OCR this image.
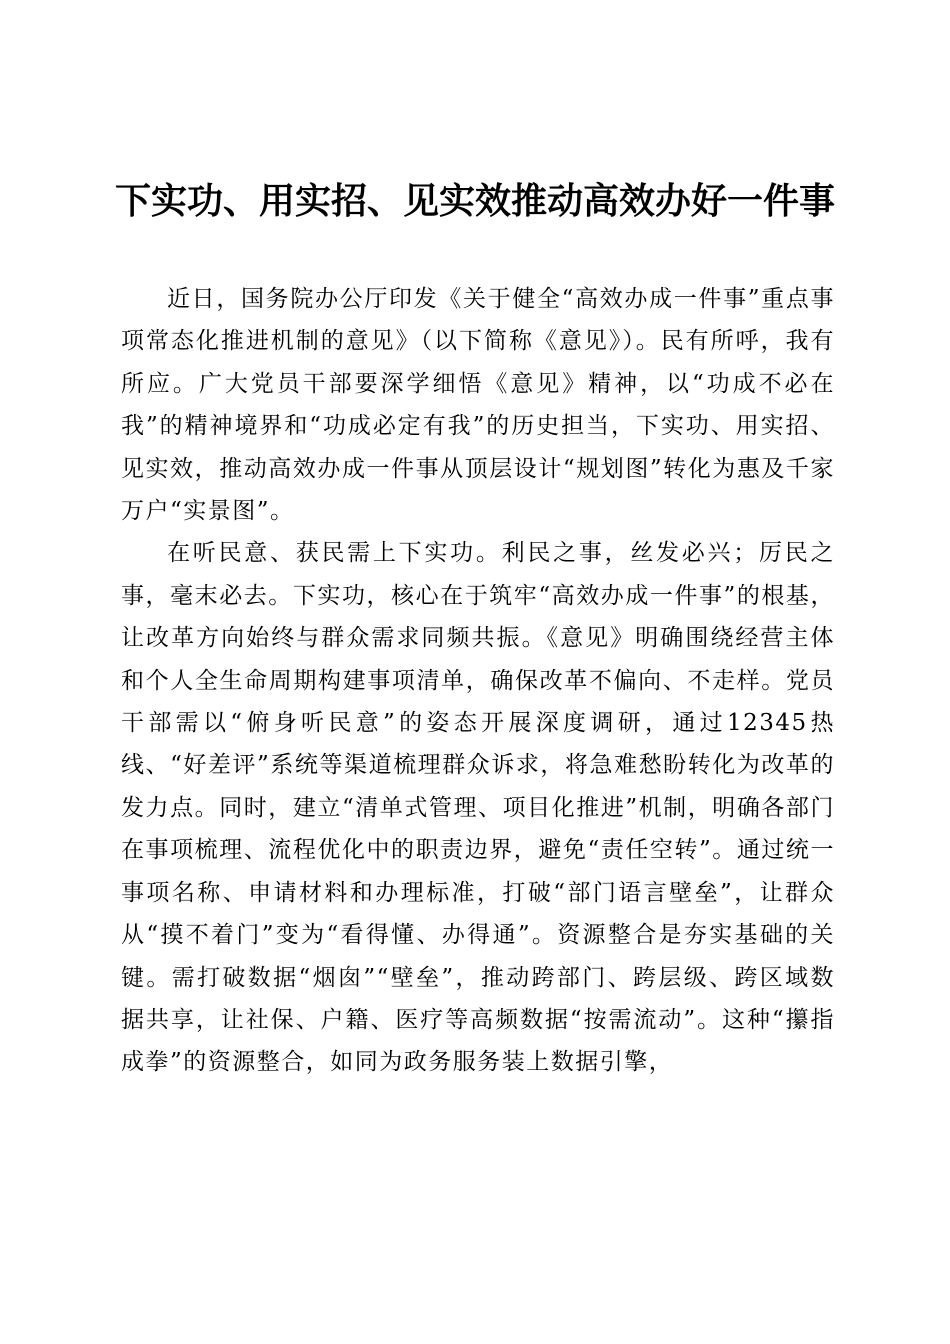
下实功、用实招、见实效推动高效办好一件事

近日，国务院办公厅印发《关于健全“高效办成一件事”重点事项常态化推进机制的意见》（以下简称《意见》）。民有所呼，我有所应。广大党员干部要深学细悟《意见》精神，以“功成不必在我”的精神境界和“功成必定有我”的历史担当，下实功、用实招、见实效，推动高效办成一件事从顶层设计“规划图”转化为惠及千家万户“实景图”。

在听民意、获民需上下实功。利民之事，丝发必兴；厉民之事，毫末必去。下实功，核心在于筑牢“高效办成一件事”的根基，让改革方向始终与群众需求同频共振。《意见》明确围绕经营主体和个人全生命周期构建事项清单，确保改革不偏向、不走样。党员干部需以“俯身听民意”的姿态开展深度调研，通过12345热线、“好差评”系统等渠道梳理群众诉求，将急难愁盼转化为改革的发力点。同时，建立“清单式管理、项目化推进”机制，明确各部门在事项梳理、流程优化中的职责边界，避免“责任空转”。通过统一事项名称、申请材料和办理标准，打破“部门语言壁垒”，让群众从“摸不着门”变为“看得懂、办得通”。资源整合是夯实基础的关键。需打破数据“烟囱”“壁垒”，推动跨部门、跨层级、跨区域数据共享，让社保、户籍、医疗等高频数据“按需流动”。这种“攥指成拳”的资源整合，如同为政务服务装上数据引擎，
